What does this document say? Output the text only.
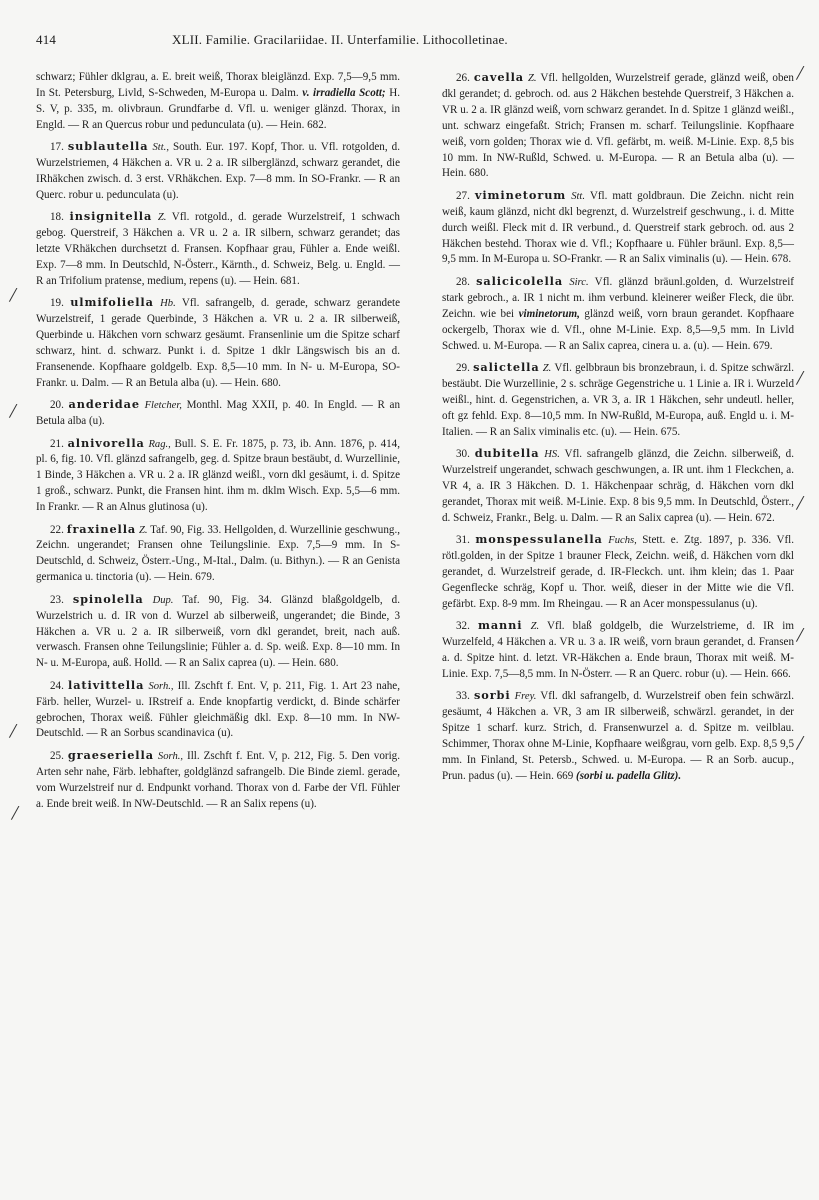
414	XLII. Familie. Gracilariidae. II. Unterfamilie. Lithocolletinae.

schwarz; Fühler dklgrau, a. E. breit weiß, Thorax bleiglänzd. Exp. 7,5—9,5 mm. In St. Petersburg, Livld, S-Schweden, M-Europa u. Dalm. v. irradiella Scott; H. S. V, p. 335, m. olivbraun. Grundfarbe d. Vfl. u. weniger glänzd. Thorax, in Engld. — R an Quercus robur und pedunculata (u). — Hein. 682.

17. sublautella Stt., South. Eur. 197. Kopf, Thor. u. Vfl. rotgolden, d. Wurzelstriemen, 4 Häkchen a. VR u. 2 a. IR silberglänzd, schwarz gerandet, die IRhäkchen zwisch. d. 3 erst. VRhäkchen. Exp. 7—8 mm. In SO-Frankr. — R an Querc. robur u. pedunculata (u).

18. insignitella Z. Vfl. rotgold., d. gerade Wurzelstreif, 1 schwach gebog. Querstreif, 3 Häkchen a. VR u. 2 a. IR silbern, schwarz gerandet; das letzte VRhäkchen durchsetzt d. Fransen. Kopfhaar grau, Fühler a. Ende weißl. Exp. 7—8 mm. In Deutschld, N-Österr., Kärnth., d. Schweiz, Belg. u. Engld. — R an Trifolium pratense, medium, repens (u). — Hein. 681.

19. ulmifoliella Hb. Vfl. safrangelb, d. gerade, schwarz gerandete Wurzelstreif, 1 gerade Querbinde, 3 Häkchen a. VR u. 2 a. IR silberweiß, Querbinde u. Häkchen vorn schwarz gesäumt. Fransenlinie um die Spitze scharf schwarz, hint. d. schwarz. Punkt i. d. Spitze 1 dklr Längswisch bis an d. Fransenende. Kopfhaare goldgelb. Exp. 8,5—10 mm. In N- u. M-Europa, SO-Frankr. u. Dalm. — R an Betula alba (u). — Hein. 680.

20. anderidae Fletcher, Monthl. Mag XXII, p. 40. In Engld. — R an Betula alba (u).

21. alnivorella Rag., Bull. S. E. Fr. 1875, p. 73, ib. Ann. 1876, p. 414, pl. 6, fig. 10. Vfl. glänzd safrangelb, geg. d. Spitze braun bestäubt, d. Wurzellinie, 1 Binde, 3 Häkchen a. VR u. 2 a. IR glänzd weißl., vorn dkl gesäumt, i. d. Spitze 1 groß., schwarz. Punkt, die Fransen hint. ihm m. dklm Wisch. Exp. 5,5—6 mm. In Frankr. — R an Alnus glutinosa (u).

22. fraxinella Z. Taf. 90, Fig. 33. Hellgolden, d. Wurzellinie geschwung., Zeichn. ungerandet; Fransen ohne Teilungslinie. Exp. 7,5—9 mm. In S-Deutschld, d. Schweiz, Österr.-Ung., M-Ital., Dalm. (u. Bithyn.). — R an Genista germanica u. tinctoria (u). — Hein. 679.

23. spinolella Dup. Taf. 90, Fig. 34. Glänzd blaßgoldgelb, d. Wurzelstrich u. d. IR von d. Wurzel ab silberweiß, ungerandet; die Binde, 3 Häkchen a. VR u. 2 a. IR silberweiß, vorn dkl gerandet, breit, nach auß. verwasch. Fransen ohne Teilungslinie; Fühler a. d. Sp. weiß. Exp. 8—10 mm. In N- u. M-Europa, auß. Holld. — R an Salix caprea (u). — Hein. 680.

24. lativittella Sorh., Ill. Zschft f. Ent. V, p. 211, Fig. 1. Art 23 nahe, Färb. heller, Wurzel- u. IRstreif a. Ende knopfartig verdickt, d. Binde schärfer gebrochen, Thorax weiß. Fühler gleichmäßig dkl. Exp. 8—10 mm. In NW-Deutschld. — R an Sorbus scandinavica (u).

25. graeseriella Sorh., Ill. Zschft f. Ent. V, p. 212, Fig. 5. Den vorig. Arten sehr nahe, Färb. lebhafter, goldglänzd safrangelb. Die Binde zieml. gerade, vom Wurzelstreif nur d. Endpunkt vorhand. Thorax von d. Farbe der Vfl. Fühler a. Ende breit weiß. In NW-Deutschld. — R an Salix repens (u).

26. cavella Z. Vfl. hellgolden, Wurzelstreif gerade, glänzd weiß, oben dkl gerandet; d. gebroch. od. aus 2 Häkchen bestehde Querstreif, 3 Häkchen a. VR u. 2 a. IR glänzd weiß, vorn schwarz gerandet. In d. Spitze 1 glänzd weißl., unt. schwarz eingefaßt. Strich; Fransen m. scharf. Teilungslinie. Kopfhaare weiß, vorn golden; Thorax wie d. Vfl. gefärbt, m. weiß. M-Linie. Exp. 8,5 bis 10 mm. In NW-Rußld, Schwed. u. M-Europa. — R an Betula alba (u). — Hein. 680.

27. viminetorum Stt. Vfl. matt goldbraun. Die Zeichn. nicht rein weiß, kaum glänzd, nicht dkl begrenzt, d. Wurzelstreif geschwung., i. d. Mitte durch weißl. Fleck mit d. IR verbund., d. Querstreif stark gebroch. od. aus 2 Häkchen bestehd. Thorax wie d. Vfl.; Kopfhaare u. Fühler bräunl. Exp. 8,5—9,5 mm. In M-Europa u. SO-Frankr. — R an Salix viminalis (u). — Hein. 678.

28. salicicolella Sirc. Vfl. glänzd bräunl.golden, d. Wurzelstreif stark gebroch., a. IR 1 nicht m. ihm verbund. kleinerer weißer Fleck, die übr. Zeichn. wie bei viminetorum, glänzd weiß, vorn braun gerandet. Kopfhaare ockergelb, Thorax wie d. Vfl., ohne M-Linie. Exp. 8,5—9,5 mm. In Livld Schwed. u. M-Europa. — R an Salix caprea, cinera u. a. (u). — Hein. 679.

29. salictella Z. Vfl. gelbbraun bis bronzebraun, i. d. Spitze schwärzl. bestäubt. Die Wurzellinie, 2 s. schräge Gegenstriche u. 1 Linie a. IR i. Wurzeld weißl., hint. d. Gegenstrichen, a. VR 3, a. IR 1 Häkchen, sehr undeutl. heller, oft gz fehld. Exp. 8—10,5 mm. In NW-Rußld, M-Europa, auß. Engld u. i. M-Italien. — R an Salix viminalis etc. (u). — Hein. 675.

30. dubitella HS. Vfl. safrangelb glänzd, die Zeichn. silberweiß, d. Wurzelstreif ungerandet, schwach geschwungen, a. IR unt. ihm 1 Fleckchen, a. VR 4, a. IR 3 Häkchen. D. 1. Häkchenpaar schräg, d. Häkchen vorn dkl gerandet, Thorax mit weiß. M-Linie. Exp. 8 bis 9,5 mm. In Deutschld, Österr., d. Schweiz, Frankr., Belg. u. Dalm. — R an Salix caprea (u). — Hein. 672.

31. monspessulanella Fuchs, Stett. e. Ztg. 1897, p. 336. Vfl. rötl.golden, in der Spitze 1 brauner Fleck, Zeichn. weiß, d. Häkchen vorn dkl gerandet, d. Wurzelstreif gerade, d. IR-Fleckch. unt. ihm klein; das 1. Paar Gegenflecke schräg, Kopf u. Thor. weiß, dieser in der Mitte wie die Vfl. gefärbt. Exp. 8-9 mm. Im Rheingau. — R an Acer monspessulanus (u).

32. manni Z. Vfl. blaß goldgelb, die Wurzelstrieme, d. IR im Wurzelfeld, 4 Häkchen a. VR u. 3 a. IR weiß, vorn braun gerandet, d. Fransen a. d. Spitze hint. d. letzt. VR-Häkchen a. Ende braun, Thorax mit weiß. M-Linie. Exp. 7,5—8,5 mm. In N-Österr. — R an Querc. robur (u). — Hein. 666.

33. sorbi Frey. Vfl. dkl safrangelb, d. Wurzelstreif oben fein schwärzl. gesäumt, 4 Häkchen a. VR, 3 am IR silberweiß, schwärzl. gerandet, in der Spitze 1 scharf. kurz. Strich, d. Fransenwurzel a. d. Spitze m. veilblau. Schimmer, Thorax ohne M-Linie, Kopfhaare weißgrau, vorn gelb. Exp. 8,5 9,5 mm. In Finland, St. Petersb., Schwed. u. M-Europa. — R an Sorb. aucup., Prun. padus (u). — Hein. 669 (sorbi u. padella Glitz).

/
/
/
/
/
/
/
/
/
